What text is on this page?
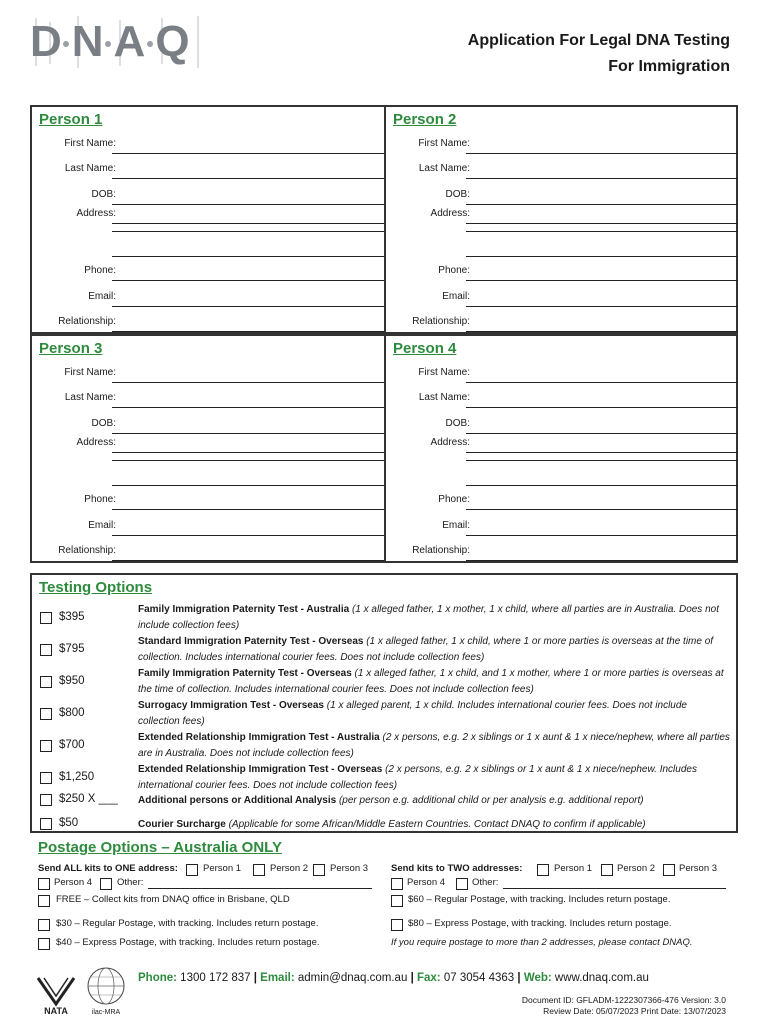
DNAQ	Application For Legal DNA Testing
For Immigration
Person 1
First Name:
Last Name:
DOB:
Address:
Phone:
Email:
Relationship:
Person 2
First Name:
Last Name:
DOB:
Address:
Phone:
Email:
Relationship:
Person 3
First Name:
Last Name:
DOB:
Address:
Phone:
Email:
Relationship:
Person 4
First Name:
Last Name:
DOB:
Address:
Phone:
Email:
Relationship:
Testing Options
$395
Family Immigration Paternity Test - Australia (1 x alleged father, 1 x mother, 1 x child, where all parties are in Australia. Does not include collection fees)
$795
Standard Immigration Paternity Test - Overseas (1 x alleged father, 1 x child, where 1 or more parties is overseas at the time of collection. Includes international courier fees. Does not include collection fees)
$950
Family Immigration Paternity Test - Overseas (1 x alleged father, 1 x child, and 1 x mother, where 1 or more parties is overseas at the time of collection. Includes international courier fees. Does not include collection fees)
$800
Surrogacy Immigration Test - Overseas (1 x alleged parent, 1 x child. Includes international courier fees. Does not include collection fees)
$700
Extended Relationship Immigration Test - Australia (2 x persons, e.g. 2 x siblings or 1 x aunt & 1 x niece/nephew, where all parties are in Australia. Does not include collection fees)
$1,250
Extended Relationship Immigration Test - Overseas (2 x persons, e.g. 2 x siblings or 1 x aunt & 1 x niece/nephew. Includes international courier fees. Does not include collection fees)
$250 X ___ Additional persons or Additional Analysis (per person e.g. additional child or per analysis e.g. additional report)
$50	Courier Surcharge (Applicable for some African/Middle Eastern Countries. Contact DNAQ to confirm if applicable)
Postage Options – Australia ONLY
Send ALL kits to ONE address:	Person 1	Person 2 Person 3
Person 4	Other:
Send kits to TWO addresses:	Person 1	Person 2	Person 3
Person 4	Other:
FREE – Collect kits from DNAQ office in Brisbane, QLD	$60 – Regular Postage, with tracking. Includes return postage.
$30 – Regular Postage, with tracking. Includes return postage.	$80 – Express Postage, with tracking. Includes return postage.
$40 – Express Postage, with tracking. Includes return postage.	If you require postage to more than 2 addresses, please contact DNAQ.
NATA	ilac-MRA
Phone: 1300 172 837 | Email: admin@dnaq.com.au | Fax: 07 3054 4363 | Web: www.dnaq.com.au
Document ID: GFLADM-1222307366-476 Version: 3.0
Review Date: 05/07/2023 Print Date: 13/07/2023
